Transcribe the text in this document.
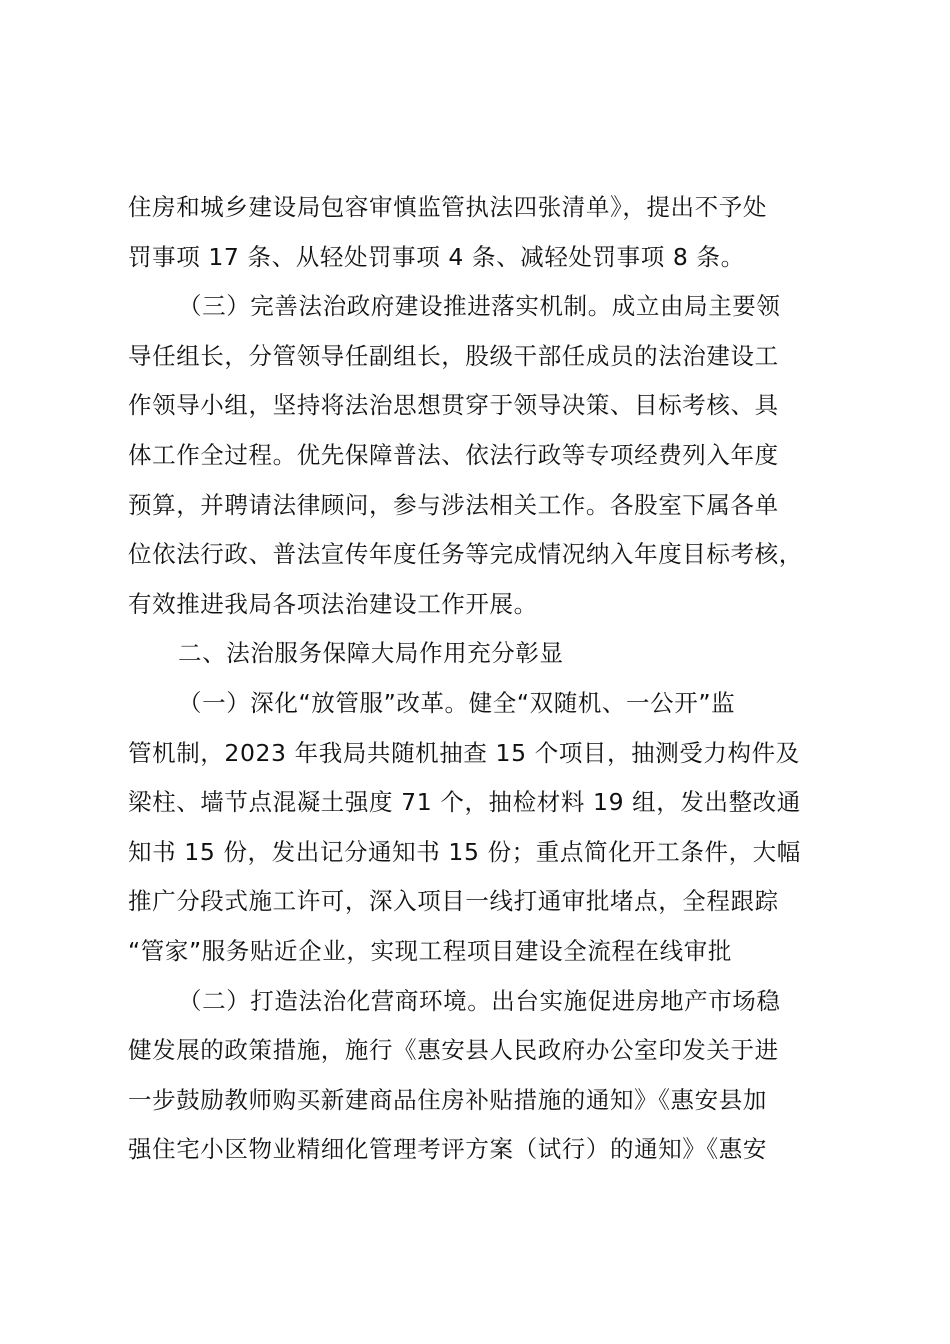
住房和城乡建设局包容审慎监管执法四张清单》，提出不予处
罚事项 17 条、从轻处罚事项 4 条、减轻处罚事项 8 条。
（三）完善法治政府建设推进落实机制。成立由局主要领
导任组长，分管领导任副组长，股级干部任成员的法治建设工
作领导小组，坚持将法治思想贯穿于领导决策、目标考核、具
体工作全过程。优先保障普法、依法行政等专项经费列入年度
预算，并聘请法律顾问，参与涉法相关工作。各股室下属各单
位依法行政、普法宣传年度任务等完成情况纳入年度目标考核，
有效推进我局各项法治建设工作开展。
二、法治服务保障大局作用充分彰显
（一）深化“放管服”改革。健全“双随机、一公开”监
管机制，2023 年我局共随机抽查 15 个项目，抽测受力构件及
梁柱、墙节点混凝土强度 71 个，抽检材料 19 组，发出整改通
知书 15 份，发出记分通知书 15 份；重点简化开工条件，大幅
推广分段式施工许可，深入项目一线打通审批堵点，全程跟踪
“管家”服务贴近企业，实现工程项目建设全流程在线审批
（二）打造法治化营商环境。出台实施促进房地产市场稳
健发展的政策措施，施行《惠安县人民政府办公室印发关于进
一步鼓励教师购买新建商品住房补贴措施的通知》《惠安县加
强住宅小区物业精细化管理考评方案（试行）的通知》《惠安
